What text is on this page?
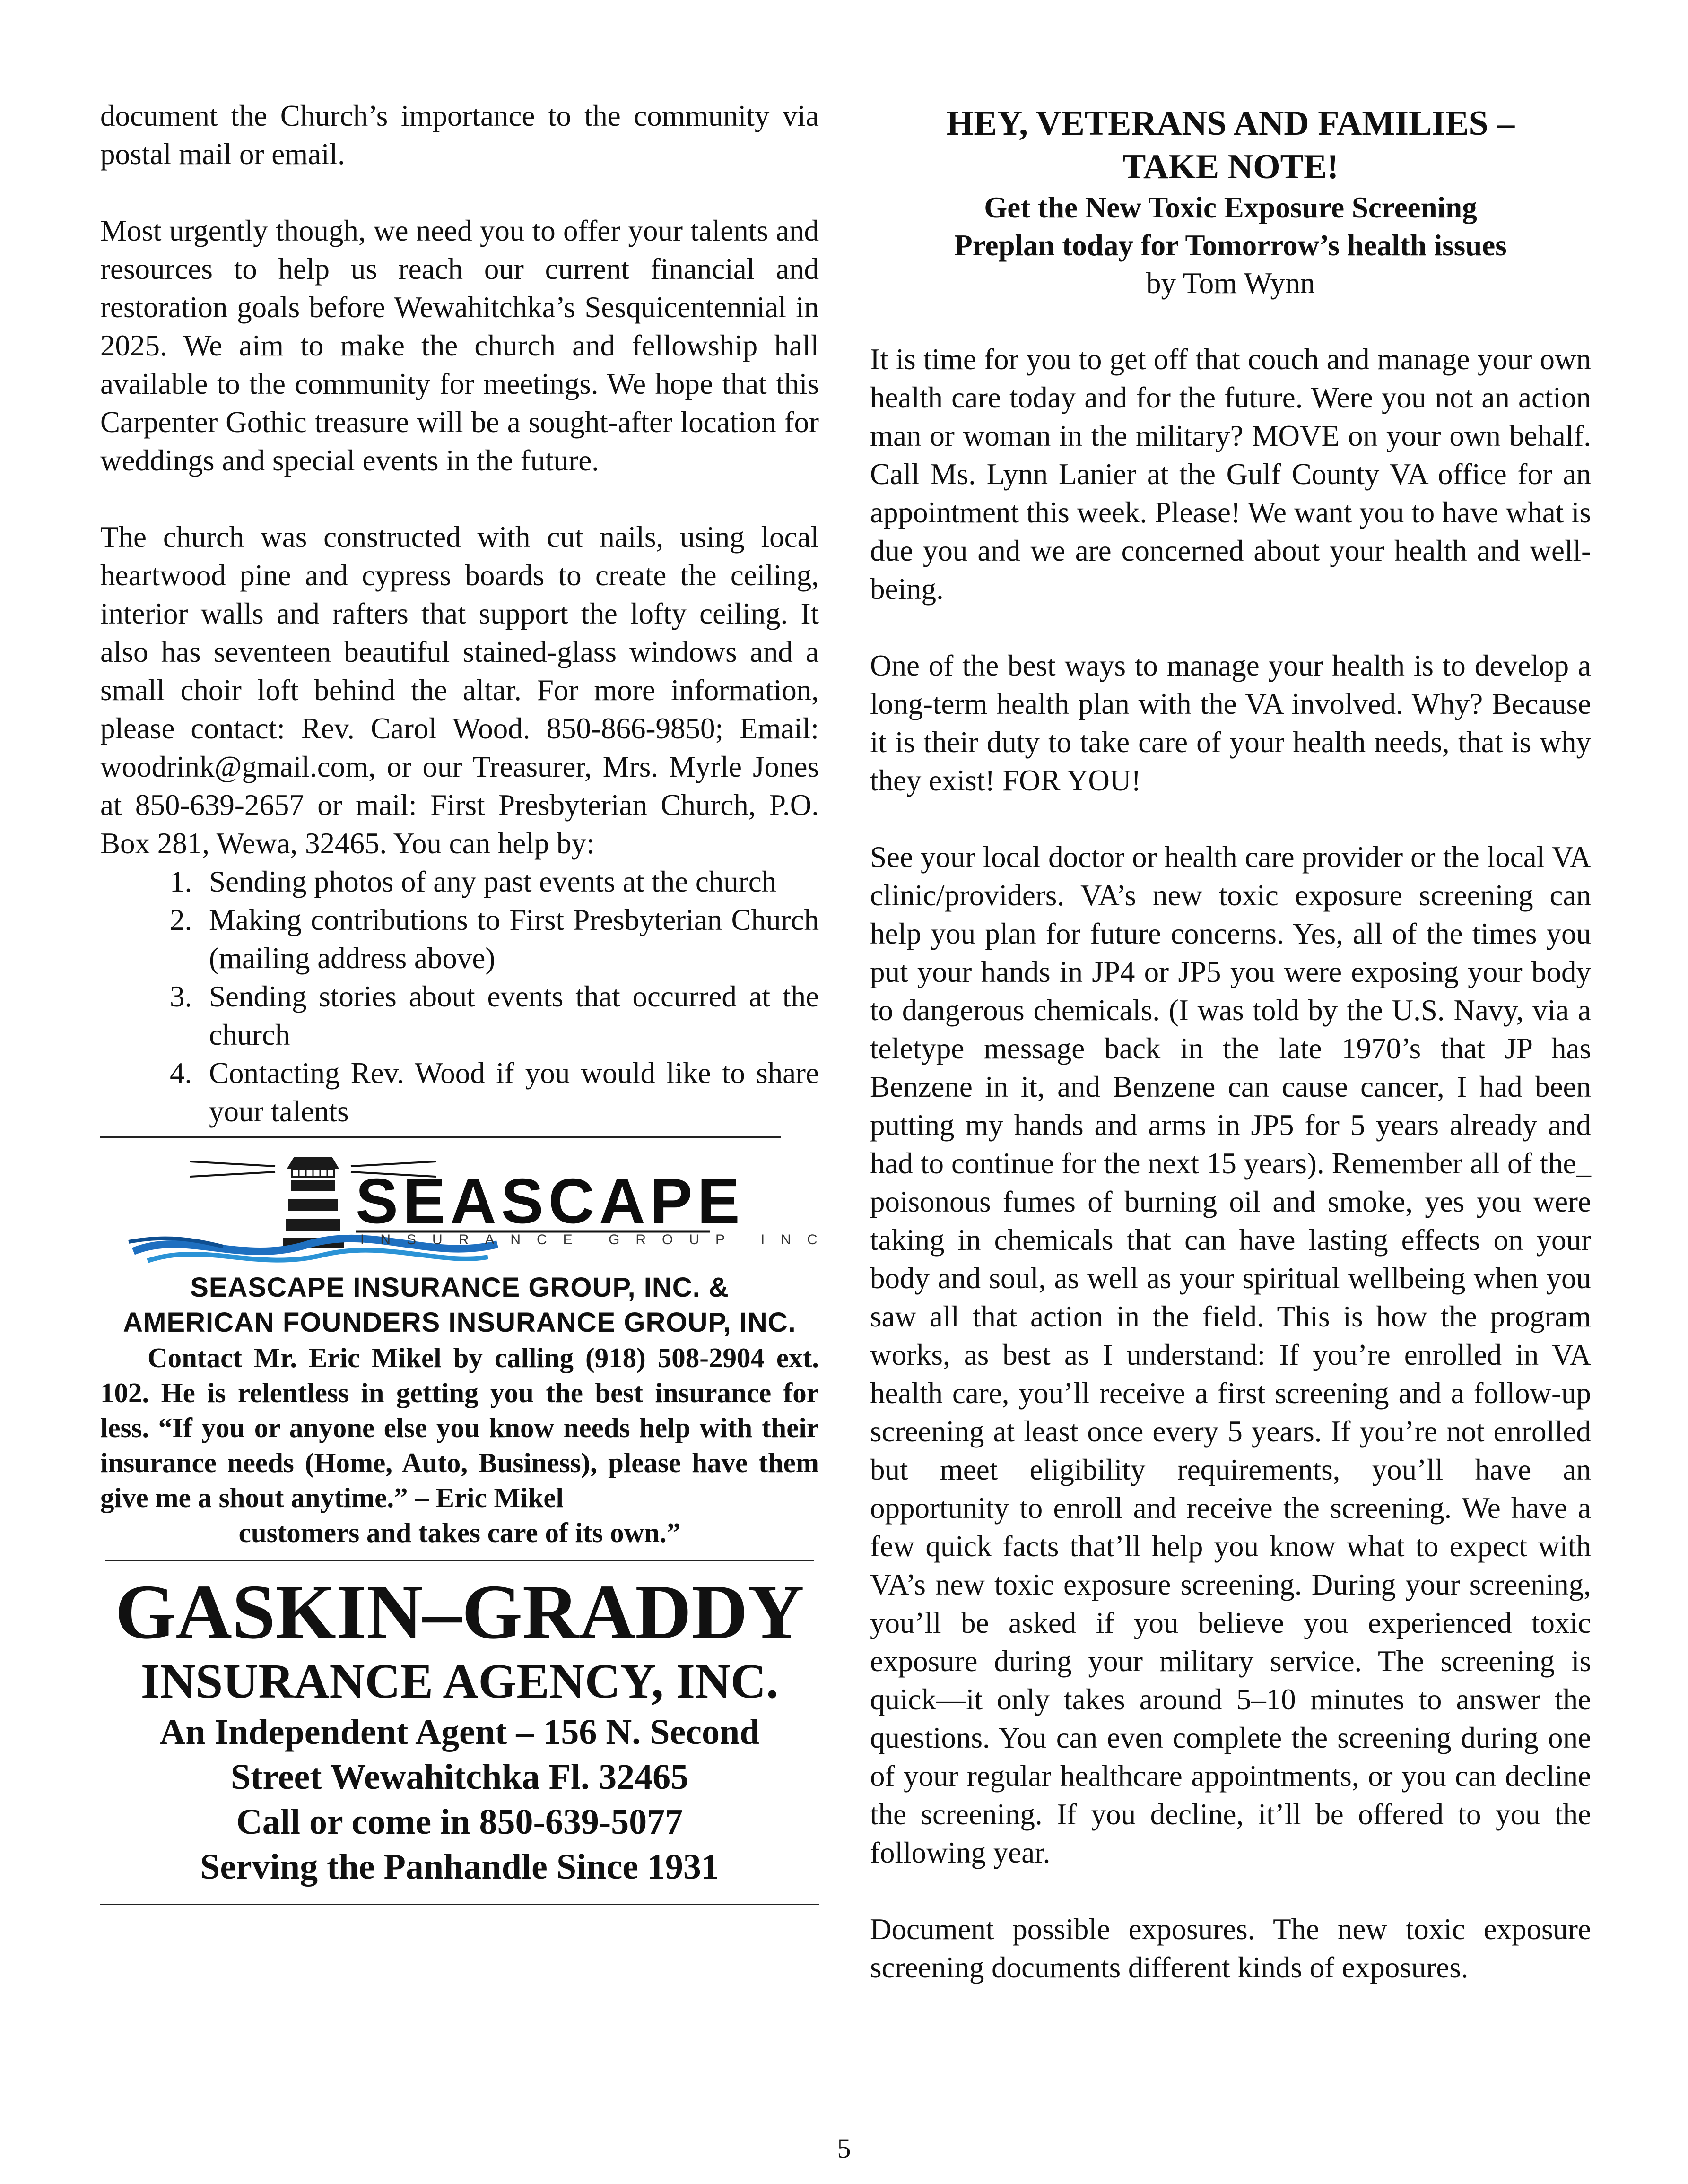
document the Church’s importance to the community via postal mail or email.

Most urgently though, we need you to offer your talents and resources to help us reach our current financial and restoration goals before Wewahitchka’s Sesquicentennial in 2025. We aim to make the church and fellowship hall available to the community for meetings. We hope that this Carpenter Gothic treasure will be a sought-after location for weddings and special events in the future.

The church was constructed with cut nails, using local heartwood pine and cypress boards to create the ceiling, interior walls and rafters that support the lofty ceiling. It also has seventeen beautiful stained-glass windows and a small choir loft behind the altar. For more information, please contact: Rev. Carol Wood. 850-866-9850; Email: woodrink@gmail.com, or our Treasurer, Mrs. Myrle Jones at 850-639-2657 or mail: First Presbyterian Church, P.O. Box 281, Wewa, 32465. You can help by:

1. Sending photos of any past events at the church
2. Making contributions to First Presbyterian Church (mailing address above)
3. Sending stories about events that occurred at the church
4. Contacting Rev. Wood if you would like to share your talents
SEASCAPE
INSURANCE GROUP INC

SEASCAPE INSURANCE GROUP, INC. & AMERICAN FOUNDERS INSURANCE GROUP, INC.

Contact Mr. Eric Mikel by calling (918) 508-2904 ext. 102. He is relentless in getting you the best insurance for less. “If you or anyone else you know needs help with their insurance needs (Home, Auto, Business), please have them give me a shout anytime.” – Eric Mikel

customers and takes care of its own.”

GASKIN–GRADDY

INSURANCE AGENCY, INC.

An Independent Agent – 156 N. Second

Street Wewahitchka Fl. 32465

Call or come in 850-639-5077

Serving the Panhandle Since 1931

HEY, VETERANS AND FAMILIES –

TAKE NOTE!

Get the New Toxic Exposure Screening

Preplan today for Tomorrow’s health issues

by Tom Wynn

It is time for you to get off that couch and manage your own health care today and for the future. Were you not an action man or woman in the military? MOVE on your own behalf. Call Ms. Lynn Lanier at the Gulf County VA office for an appointment this week. Please! We want you to have what is due you and we are concerned about your health and well-being.

One of the best ways to manage your health is to develop a long-term health plan with the VA involved. Why? Because it is their duty to take care of your health needs, that is why they exist! FOR YOU!

See your local doctor or health care provider or the local VA clinic/providers. VA’s new toxic exposure screening can help you plan for future concerns. Yes, all of the times you put your hands in JP4 or JP5 you were exposing your body to dangerous chemicals. (I was told by the U.S. Navy, via a teletype message back in the late 1970’s that JP has Benzene in it, and Benzene can cause cancer, I had been putting my hands and arms in JP5 for 5 years already and had to continue for the next 15 years). Remember all of the_ poisonous fumes of burning oil and smoke, yes you were taking in chemicals that can have lasting effects on your body and soul, as well as your spiritual wellbeing when you saw all that action in the field. This is how the program works, as best as I understand: If you’re enrolled in VA health care, you’ll receive a first screening and a follow-up screening at least once every 5 years. If you’re not enrolled but meet eligibility requirements, you’ll have an opportunity to enroll and receive the screening. We have a few quick facts that’ll help you know what to expect with VA’s new toxic exposure screening. During your screening, you’ll be asked if you believe you experienced toxic exposure during your military service. The screening is quick—it only takes around 5–10 minutes to answer the questions. You can even complete the screening during one of your regular healthcare appointments, or you can decline the screening. If you decline, it’ll be offered to you the following year.

Document possible exposures. The new toxic exposure screening documents different kinds of exposures.

5
